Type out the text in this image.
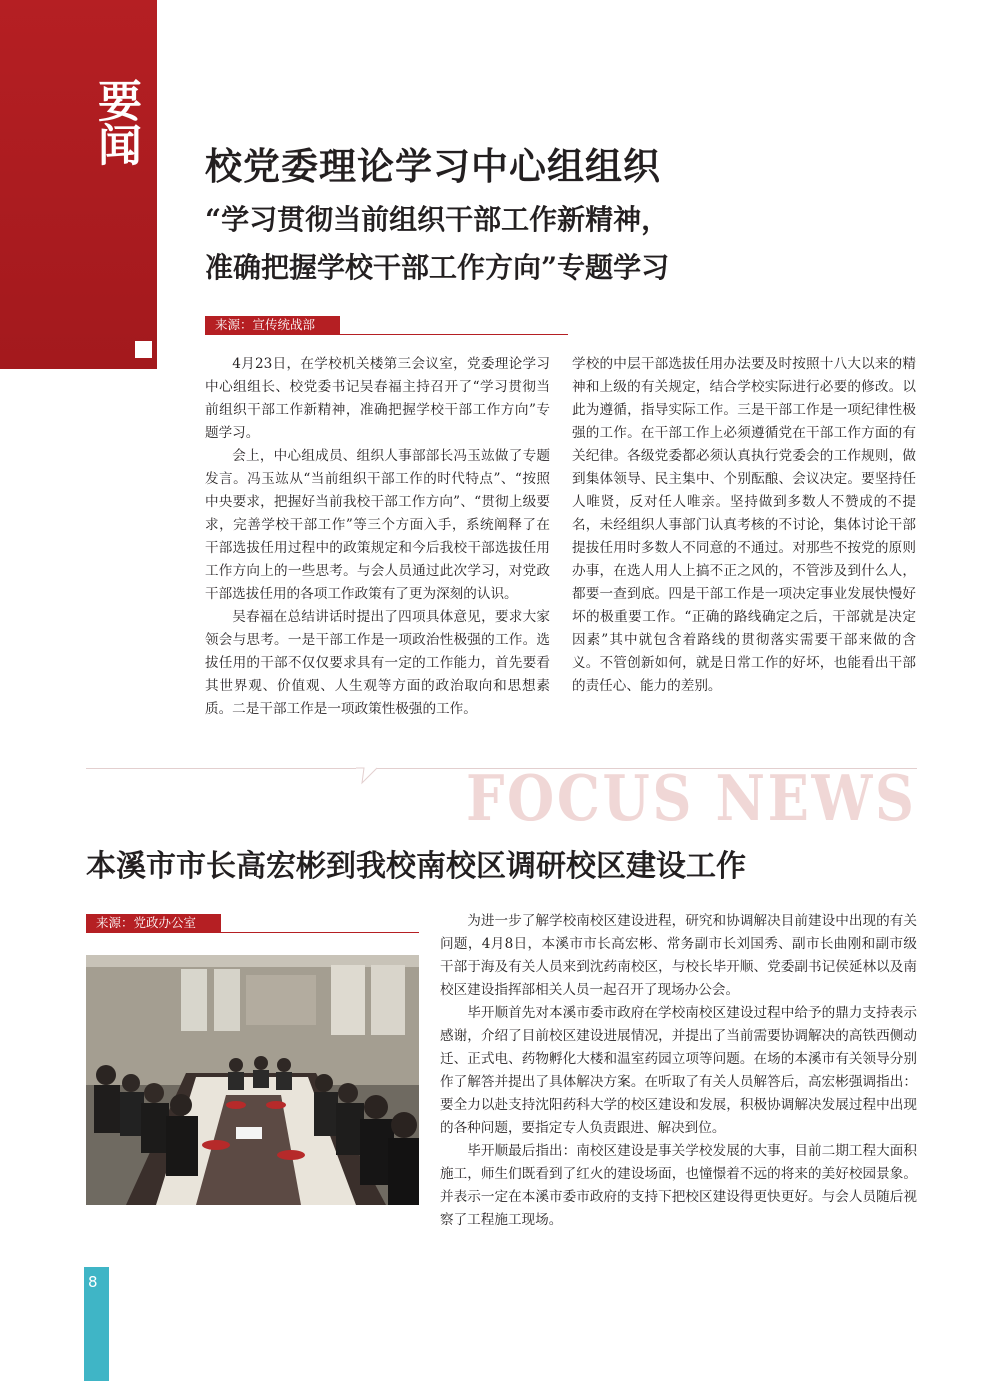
要闻 校党委理论学习中心组组织
“学习贯彻当前组织干部工作新精神，
准确把握学校干部工作方向”专题学习
来源：宣传统战部

4月23日，在学校机关楼第三会议室，党委理论学习中心组组长、校党委书记吴春福主持召开了“学习贯彻当前组织干部工作新精神，准确把握学校干部工作方向”专题学习。

会上，中心组成员、组织人事部部长冯玉竑做了专题发言。冯玉竑从“当前组织干部工作的时代特点”、“按照中央要求，把握好当前我校干部工作方向”、“贯彻上级要求，完善学校干部工作”等三个方面入手，系统阐释了在干部选拔任用过程中的政策规定和今后我校干部选拔任用工作方向上的一些思考。与会人员通过此次学习，对党政干部选拔任用的各项工作政策有了更为深刻的认识。

吴春福在总结讲话时提出了四项具体意见，要求大家领会与思考。一是干部工作是一项政治性极强的工作。选拔任用的干部不仅仅要求具有一定的工作能力，首先要看其世界观、价值观、人生观等方面的政治取向和思想素质。二是干部工作是一项政策性极强的工作。

学校的中层干部选拔任用办法要及时按照十八大以来的精神和上级的有关规定，结合学校实际进行必要的修改。以此为遵循，指导实际工作。三是干部工作是一项纪律性极强的工作。在干部工作上必须遵循党在干部工作方面的有关纪律。各级党委都必须认真执行党委会的工作规则，做到集体领导、民主集中、个别酝酿、会议决定。要坚持任人唯贤，反对任人唯亲。坚持做到多数人不赞成的不提名，未经组织人事部门认真考核的不讨论，集体讨论干部提拔任用时多数人不同意的不通过。对那些不按党的原则办事，在选人用人上搞不正之风的，不管涉及到什么人，都要一查到底。四是干部工作是一项决定事业发展快慢好坏的极重要工作。“正确的路线确定之后，干部就是决定因素”其中就包含着路线的贯彻落实需要干部来做的含义。不管创新如何，就是日常工作的好坏，也能看出干部的责任心、能力的差别。

FOCUS NEWS
本溪市市长高宏彬到我校南校区调研校区建设工作
来源：党政办公室	为进一步了解学校南校区建设进程，研究和协调解决目前建设中出现的有关问题，4月8日，本溪市市长高宏彬、常务副市长刘国秀、副市长曲刚和副市级干部于海及有关人员来到沈药南校区，与校长毕开顺、党委副书记侯延林以及南校区建设指挥部相关人员一起召开了现场办公会。

毕开顺首先对本溪市委市政府在学校南校区建设过程中给予的鼎力支持表示感谢，介绍了目前校区建设进展情况，并提出了当前需要协调解决的高铁西侧动迁、正式电、药物孵化大楼和温室药园立项等问题。在场的本溪市有关领导分别作了解答并提出了具体解决方案。在听取了有关人员解答后，高宏彬强调指出：要全力以赴支持沈阳药科大学的校区建设和发展，积极协调解决发展过程中出现的各种问题，要指定专人负责跟进、解决到位。

毕开顺最后指出：南校区建设是事关学校发展的大事，目前二期工程大面积施工，师生们既看到了红火的建设场面，也憧憬着不远的将来的美好校园景象。并表示一定在本溪市委市政府的支持下把校区建设得更快更好。与会人员随后视察了工程施工现场。

8
